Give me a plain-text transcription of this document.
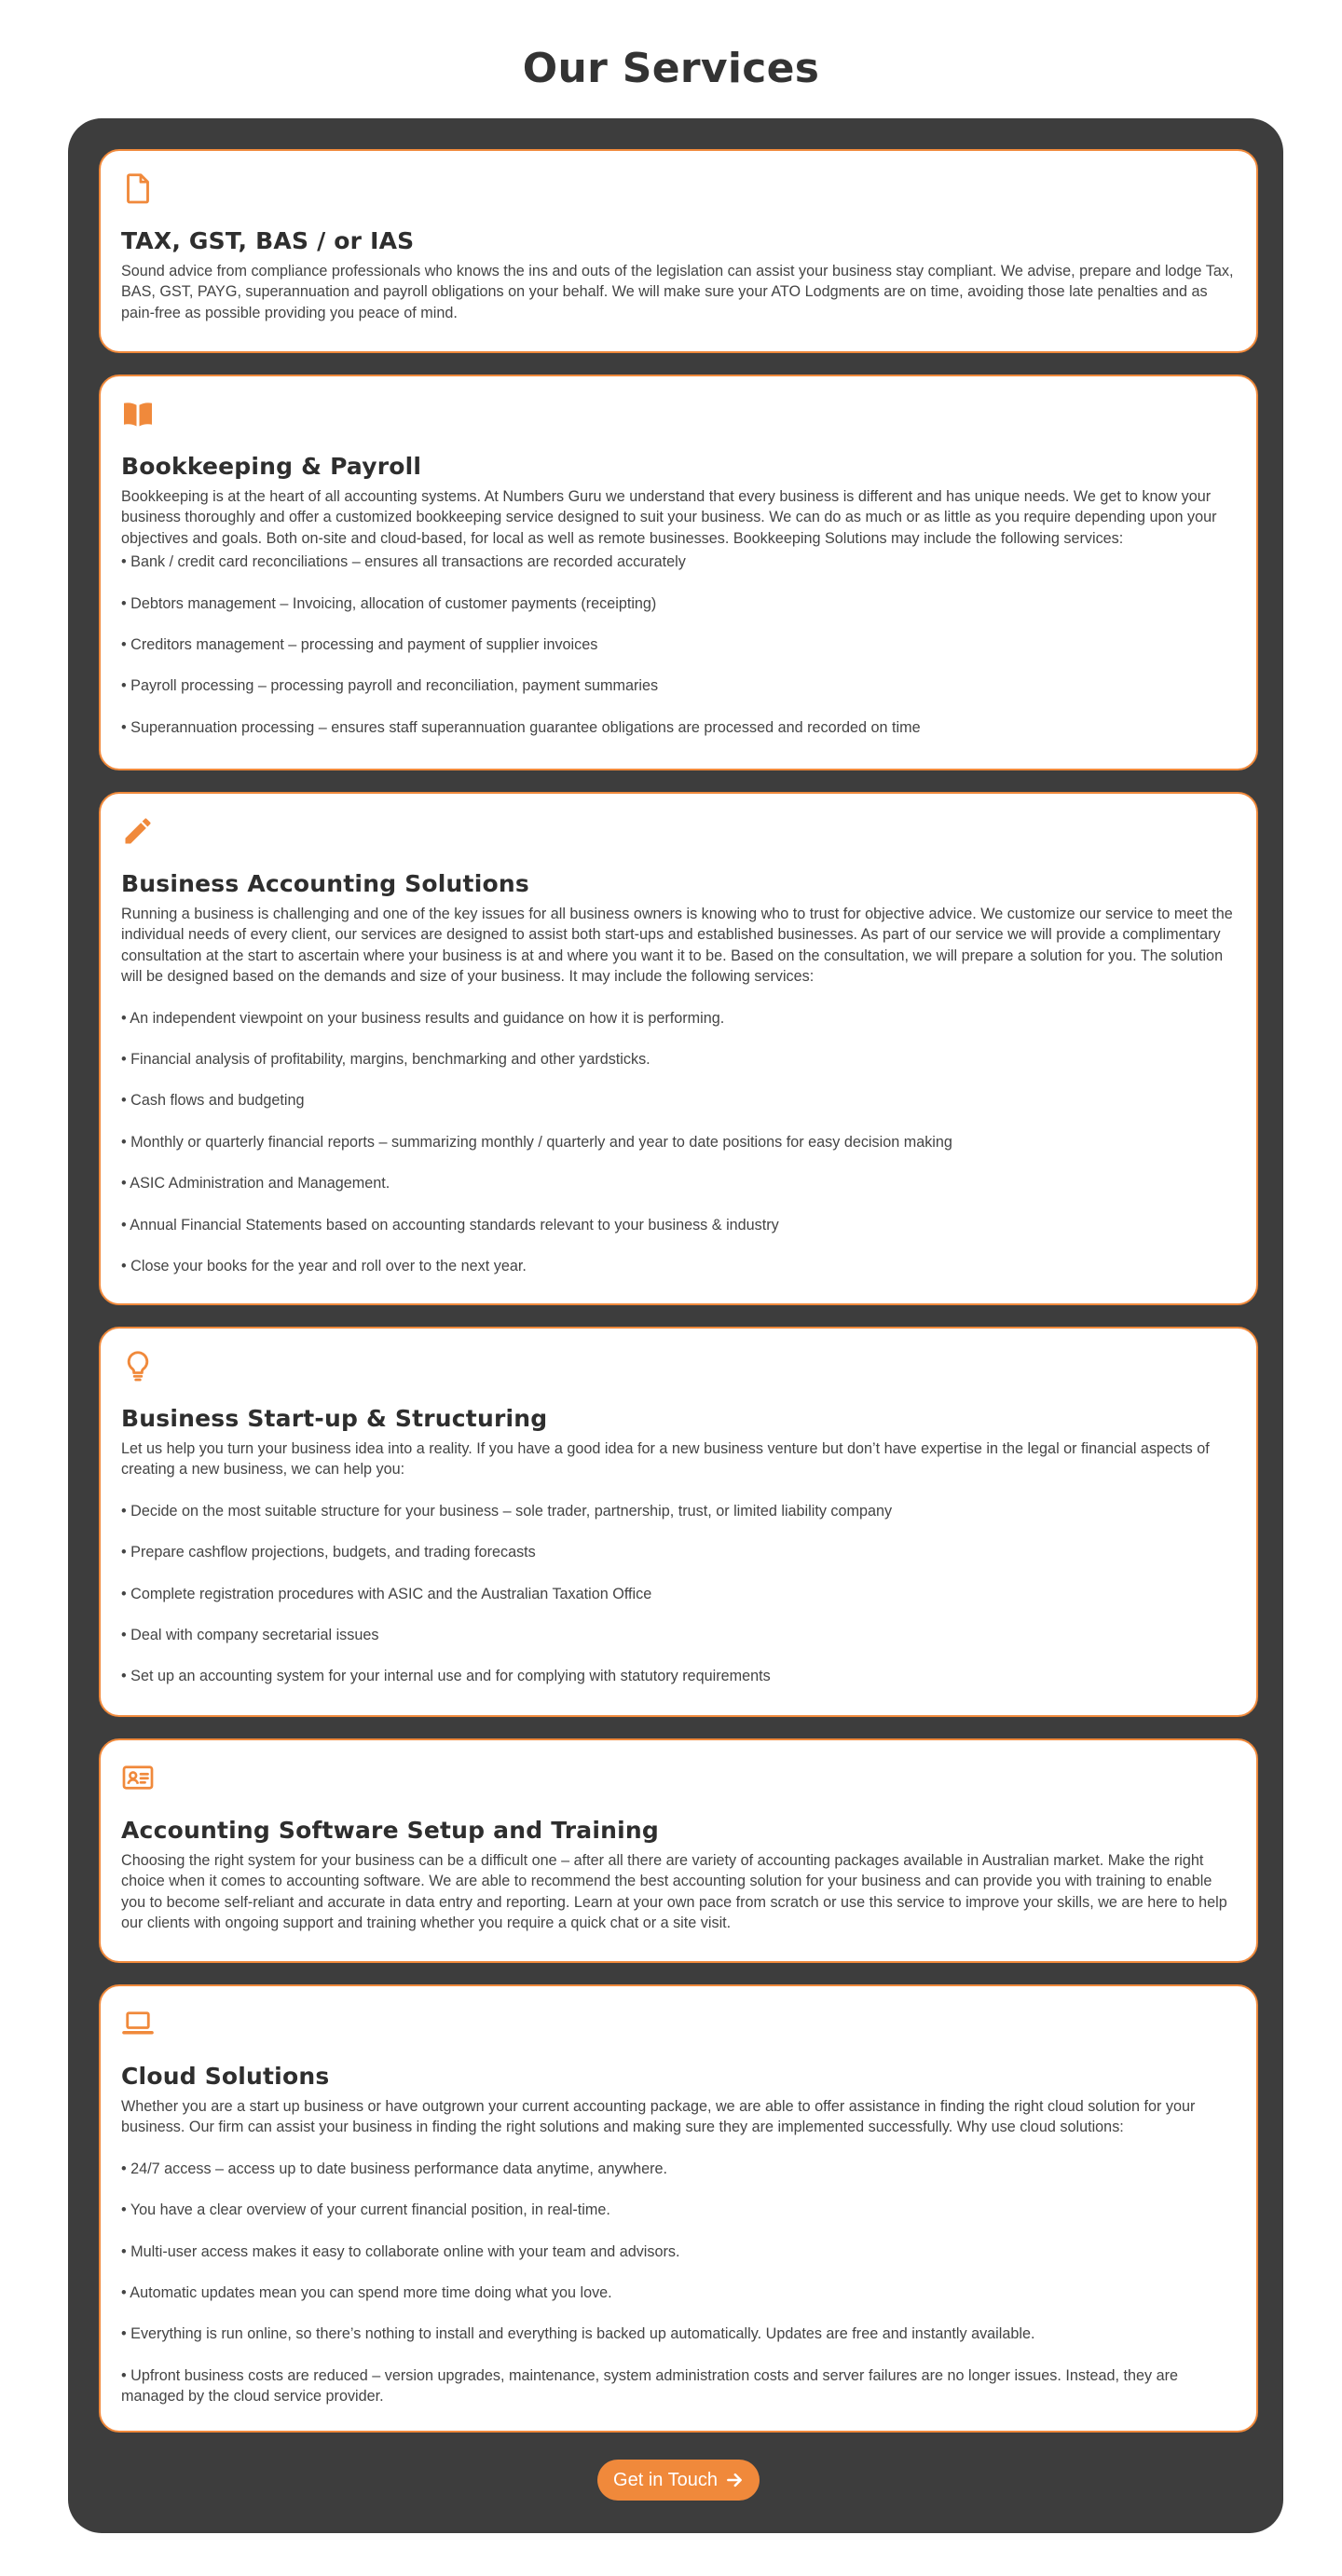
Our Services
TAX, GST, BAS / or IAS

Sound advice from compliance professionals who knows the ins and outs of the legislation can assist your business stay compliant. We advise, prepare and lodge Tax, BAS, GST, PAYG, superannuation and payroll obligations on your behalf. We will make sure your ATO Lodgments are on time, avoiding those late penalties and as pain-free as possible providing you peace of mind.

Bookkeeping & Payroll

Bookkeeping is at the heart of all accounting systems. At Numbers Guru we understand that every business is different and has unique needs. We get to know your business thoroughly and offer a customized bookkeeping service designed to suit your business. We can do as much or as little as you require depending upon your objectives and goals. Both on-site and cloud-based, for local as well as remote businesses. Bookkeeping Solutions may include the following services:

• Bank / credit card reconciliations – ensures all transactions are recorded accurately
• Debtors management – Invoicing, allocation of customer payments (receipting)
• Creditors management – processing and payment of supplier invoices
• Payroll processing – processing payroll and reconciliation, payment summaries
• Superannuation processing – ensures staff superannuation guarantee obligations are processed and recorded on time
Business Accounting Solutions

Running a business is challenging and one of the key issues for all business owners is knowing who to trust for objective advice. We customize our service to meet the individual needs of every client, our services are designed to assist both start-ups and established businesses. As part of our service we will provide a complimentary consultation at the start to ascertain where your business is at and where you want it to be. Based on the consultation, we will prepare a solution for you. The solution will be designed based on the demands and size of your business. It may include the following services:

• An independent viewpoint on your business results and guidance on how it is performing.
• Financial analysis of profitability, margins, benchmarking and other yardsticks.
• Cash flows and budgeting
• Monthly or quarterly financial reports – summarizing monthly / quarterly and year to date positions for easy decision making
• ASIC Administration and Management.
• Annual Financial Statements based on accounting standards relevant to your business & industry
• Close your books for the year and roll over to the next year.
Business Start-up & Structuring

Let us help you turn your business idea into a reality. If you have a good idea for a new business venture but don’t have expertise in the legal or financial aspects of creating a new business, we can help you:

• Decide on the most suitable structure for your business – sole trader, partnership, trust, or limited liability company
• Prepare cashflow projections, budgets, and trading forecasts
• Complete registration procedures with ASIC and the Australian Taxation Office
• Deal with company secretarial issues
• Set up an accounting system for your internal use and for complying with statutory requirements
Accounting Software Setup and Training

Choosing the right system for your business can be a difficult one – after all there are variety of accounting packages available in Australian market. Make the right choice when it comes to accounting software. We are able to recommend the best accounting solution for your business and can provide you with training to enable you to become self-reliant and accurate in data entry and reporting. Learn at your own pace from scratch or use this service to improve your skills, we are here to help our clients with ongoing support and training whether you require a quick chat or a site visit.

Cloud Solutions

Whether you are a start up business or have outgrown your current accounting package, we are able to offer assistance in finding the right cloud solution for your business. Our firm can assist your business in finding the right solutions and making sure they are implemented successfully. Why use cloud solutions:

• 24/7 access – access up to date business performance data anytime, anywhere.
• You have a clear overview of your current financial position, in real-time.
• Multi-user access makes it easy to collaborate online with your team and advisors.
• Automatic updates mean you can spend more time doing what you love.
• Everything is run online, so there’s nothing to install and everything is backed up automatically. Updates are free and instantly available.
• Upfront business costs are reduced – version upgrades, maintenance, system administration costs and server failures are no longer issues. Instead, they are managed by the cloud service provider.
Get in Touch
